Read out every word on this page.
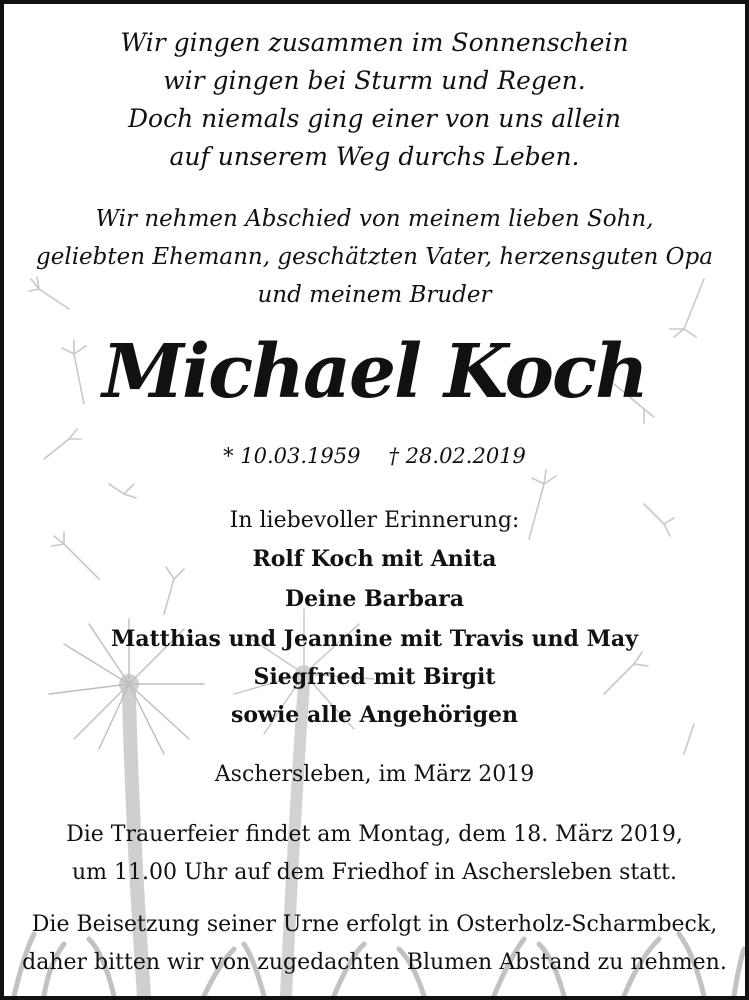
Wir gingen zusammen im Sonnenschein
wir gingen bei Sturm und Regen.
Doch niemals ging einer von uns allein
auf unserem Weg durchs Leben.
Wir nehmen Abschied von meinem lieben Sohn,
geliebten Ehemann, geschätzten Vater, herzensguten Opa
und meinem Bruder
Michael Koch
* 10.03.1959 † 28.02.2019
In liebevoller Erinnerung:
Rolf Koch mit Anita
Deine Barbara
Matthias und Jeannine mit Travis und May
Siegfried mit Birgit
sowie alle Angehörigen
Aschersleben, im März 2019
Die Trauerfeier findet am Montag, dem 18. März 2019,
um 11.00 Uhr auf dem Friedhof in Aschersleben statt.
Die Beisetzung seiner Urne erfolgt in Osterholz-Scharmbeck,
daher bitten wir von zugedachten Blumen Abstand zu nehmen.
